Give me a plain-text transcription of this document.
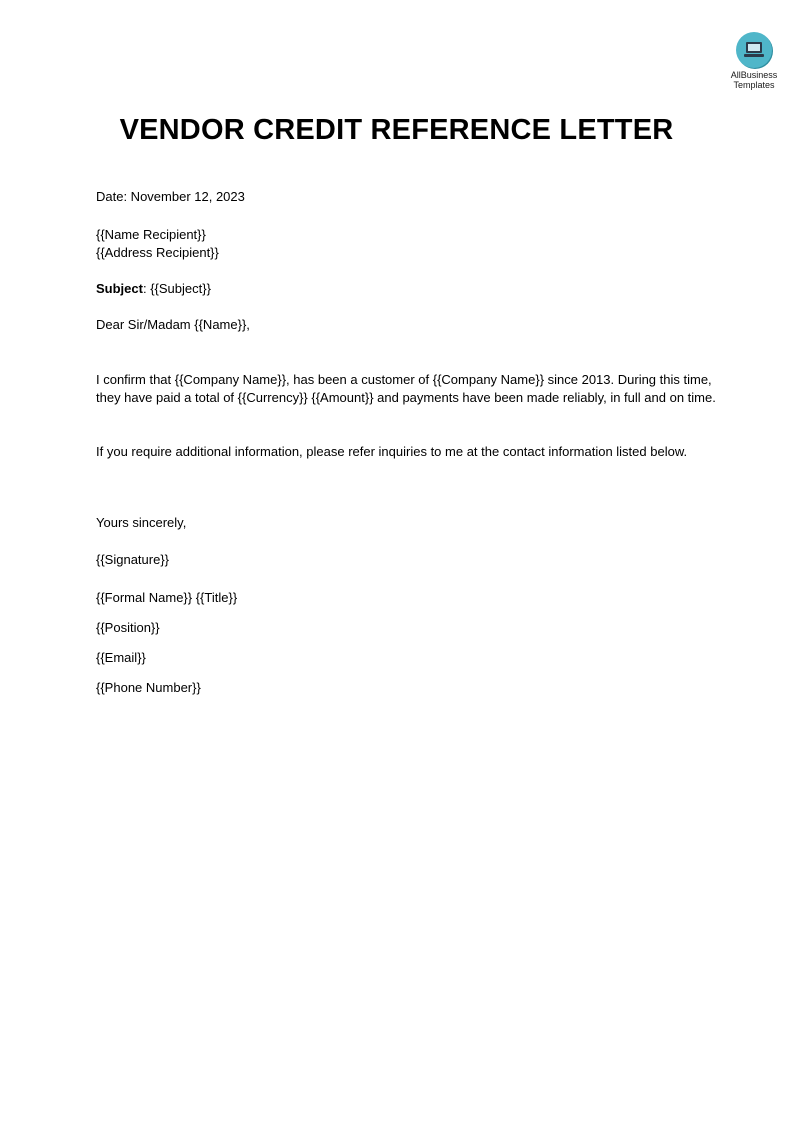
AllBusiness
Templates
VENDOR CREDIT REFERENCE LETTER
Date: November 12, 2023
{{Name Recipient}}
{{Address Recipient}}
Subject: {{Subject}}
Dear Sir/Madam {{Name}},
I confirm that {{Company Name}}, has been a customer of {{Company Name}} since 2013. During this time, they have paid a total of {{Currency}} {{Amount}} and payments have been made reliably, in full and on time.
If you require additional information, please refer inquiries to me at the contact information listed below.
Yours sincerely,
{{Signature}}
{{Formal Name}} {{Title}}
{{Position}}
{{Email}}
{{Phone Number}}
